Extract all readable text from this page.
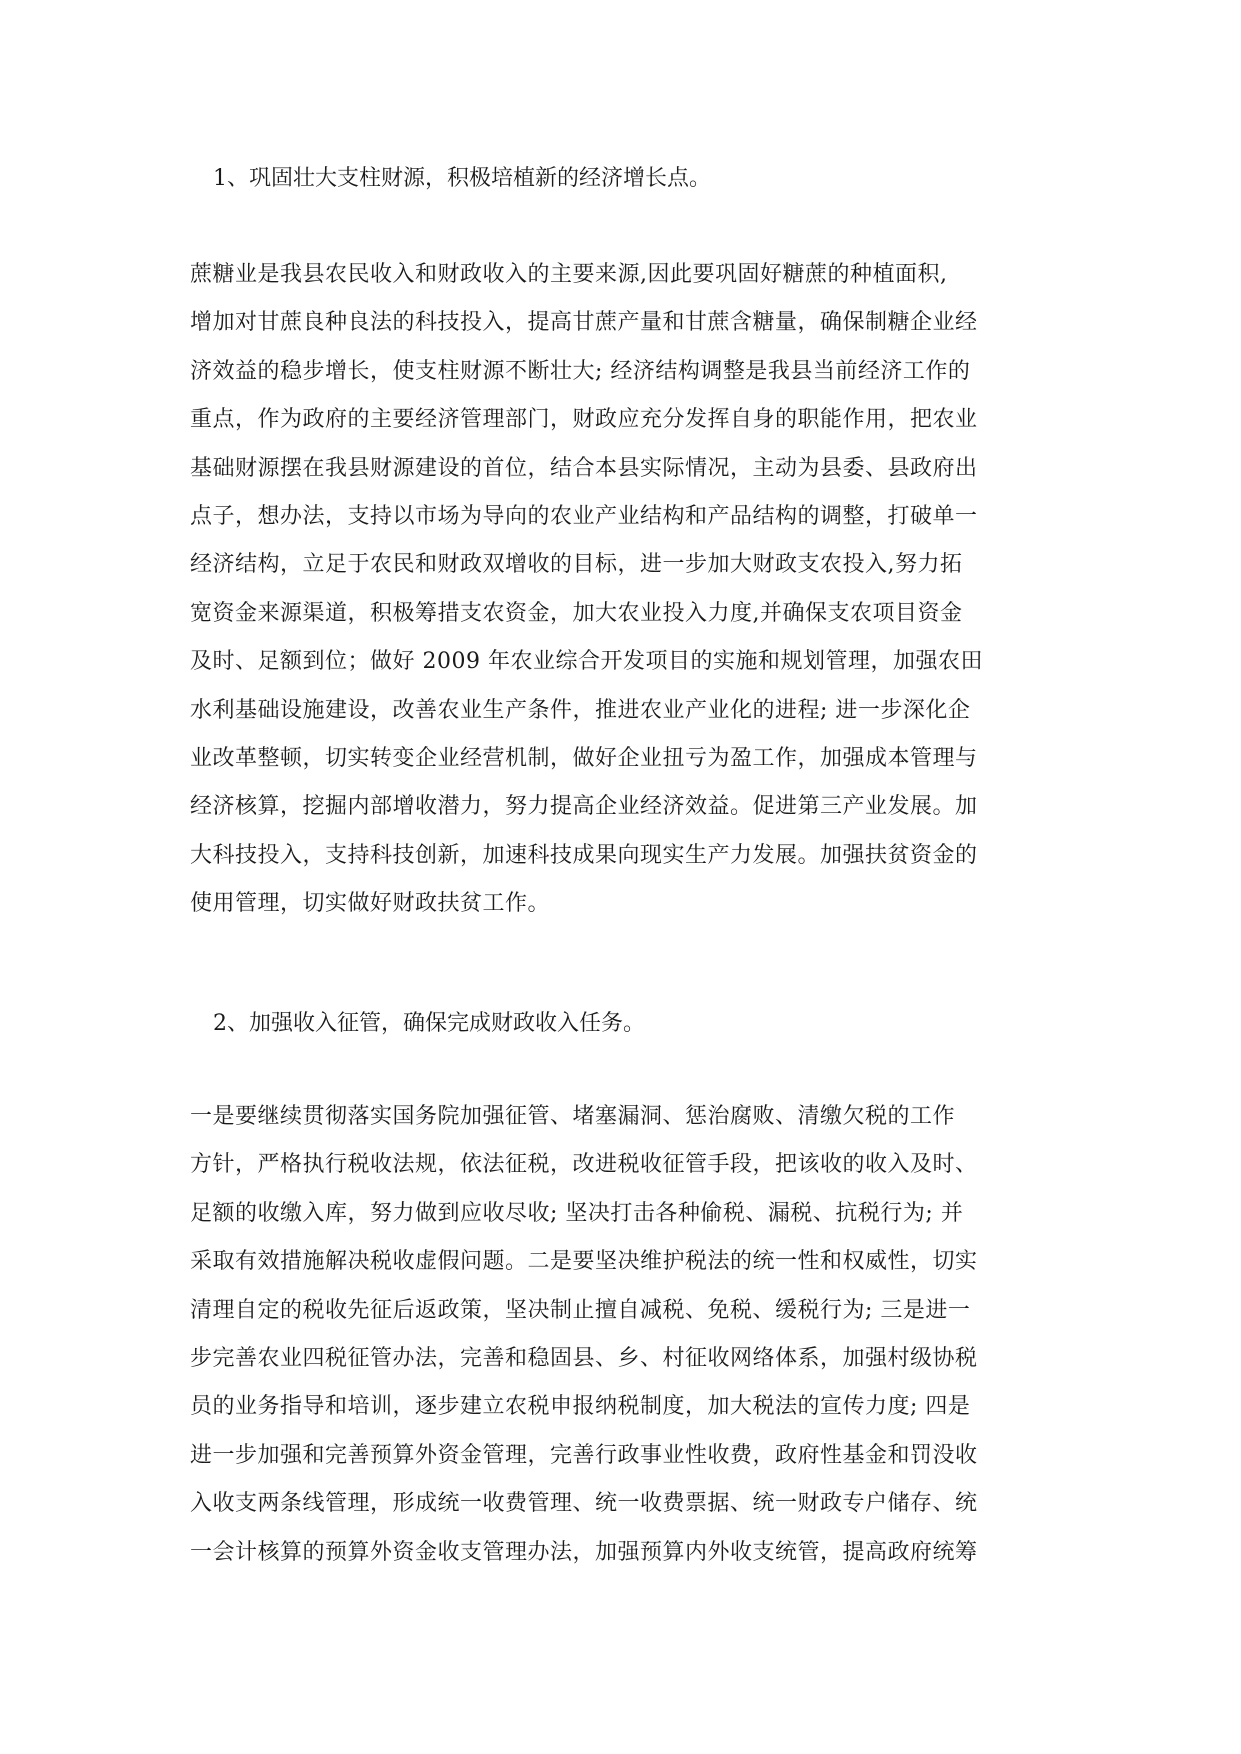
1、巩固壮大支柱财源，积极培植新的经济增长点。

蔗糖业是我县农民收入和财政收入的主要来源,因此要巩固好糖蔗的种植面积,
增加对甘蔗良种良法的科技投入，提高甘蔗产量和甘蔗含糖量，确保制糖企业经
济效益的稳步增长，使支柱财源不断壮大; 经济结构调整是我县当前经济工作的
重点，作为政府的主要经济管理部门，财政应充分发挥自身的职能作用，把农业
基础财源摆在我县财源建设的首位，结合本县实际情况，主动为县委、县政府出
点子，想办法，支持以市场为导向的农业产业结构和产品结构的调整，打破单一
经济结构，立足于农民和财政双增收的目标，进一步加大财政支农投入,努力拓
宽资金来源渠道，积极筹措支农资金，加大农业投入力度,并确保支农项目资金
及时、足额到位；做好 2009 年农业综合开发项目的实施和规划管理，加强农田
水利基础设施建设，改善农业生产条件，推进农业产业化的进程; 进一步深化企
业改革整顿，切实转变企业经营机制，做好企业扭亏为盈工作，加强成本管理与
经济核算，挖掘内部增收潜力，努力提高企业经济效益。促进第三产业发展。加
大科技投入，支持科技创新，加速科技成果向现实生产力发展。加强扶贫资金的
使用管理，切实做好财政扶贫工作。

2、加强收入征管，确保完成财政收入任务。

一是要继续贯彻落实国务院加强征管、堵塞漏洞、惩治腐败、清缴欠税的工作
方针，严格执行税收法规，依法征税，改进税收征管手段，把该收的收入及时、
足额的收缴入库，努力做到应收尽收; 坚决打击各种偷税、漏税、抗税行为; 并
采取有效措施解决税收虚假问题。二是要坚决维护税法的统一性和权威性，切实
清理自定的税收先征后返政策，坚决制止擅自减税、免税、缓税行为; 三是进一
步完善农业四税征管办法，完善和稳固县、乡、村征收网络体系，加强村级协税
员的业务指导和培训，逐步建立农税申报纳税制度，加大税法的宣传力度; 四是
进一步加强和完善预算外资金管理，完善行政事业性收费，政府性基金和罚没收
入收支两条线管理，形成统一收费管理、统一收费票据、统一财政专户储存、统
一会计核算的预算外资金收支管理办法，加强预算内外收支统管，提高政府统筹
